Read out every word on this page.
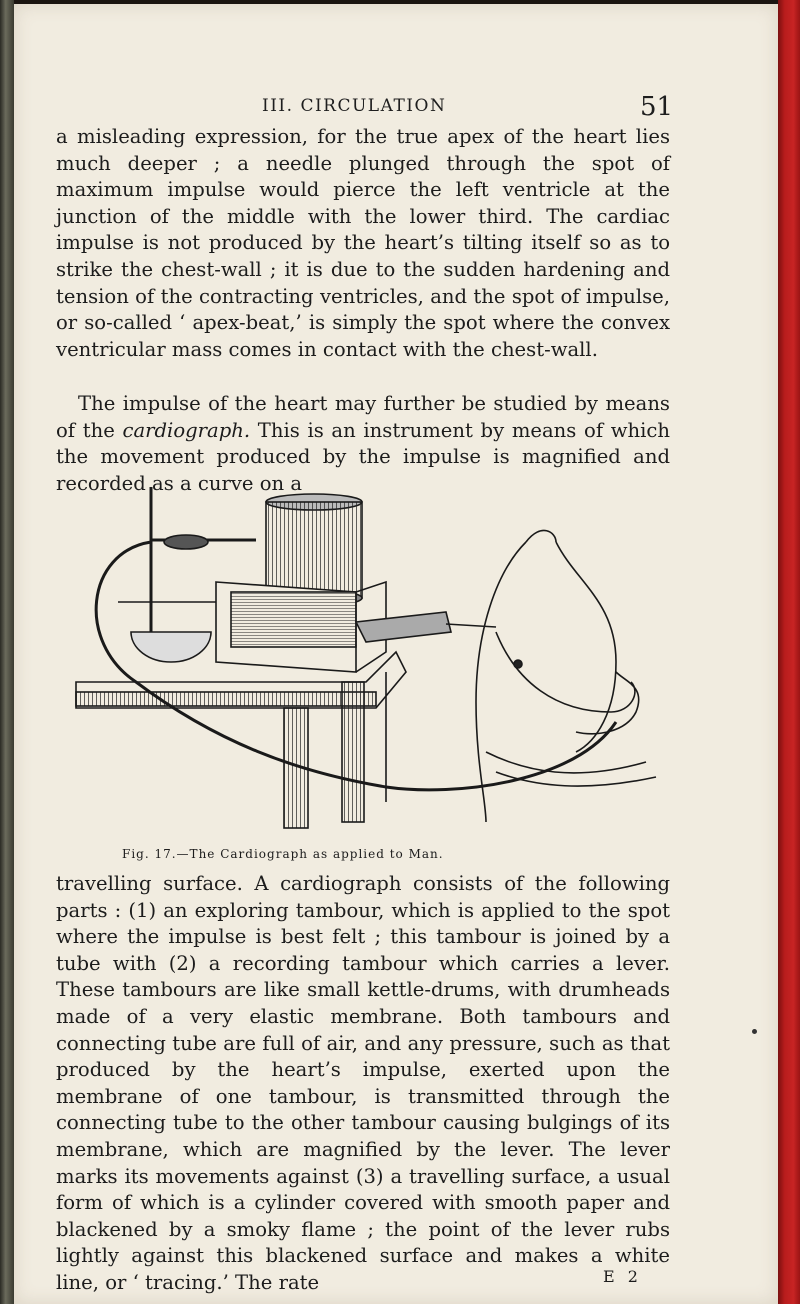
III. CIRCULATION	51
a misleading expression, for the true apex of the heart lies much deeper ; a needle plunged through the spot of maximum impulse would pierce the left ventricle at the junction of the middle with the lower third. The cardiac impulse is not produced by the heart’s tilting itself so as to strike the chest-wall ; it is due to the sudden hardening and tension of the contracting ventricles, and the spot of impulse, or so-called ‘ apex-beat,’ is simply the spot where the convex ventricular mass comes in contact with the chest-wall.
The impulse of the heart may further be studied by means of the cardiograph. This is an instrument by means of which the movement produced by the impulse is magnified and recorded as a curve on a
Fig. 17.—The Cardiograph as applied to Man.
travelling surface. A cardiograph consists of the following parts : (1) an exploring tambour, which is applied to the spot where the impulse is best felt ; this tambour is joined by a tube with (2) a recording tambour which carries a lever. These tambours are like small kettle-drums, with drumheads made of a very elastic membrane. Both tambours and connecting tube are full of air, and any pressure, such as that produced by the heart’s impulse, exerted upon the membrane of one tambour, is transmitted through the connecting tube to the other tambour causing bulgings of its membrane, which are magnified by the lever. The lever marks its movements against (3) a travelling surface, a usual form of which is a cylinder covered with smooth paper and blackened by a smoky flame ; the point of the lever rubs lightly against this blackened surface and makes a white line, or ‘ tracing.’ The rate	E 2
